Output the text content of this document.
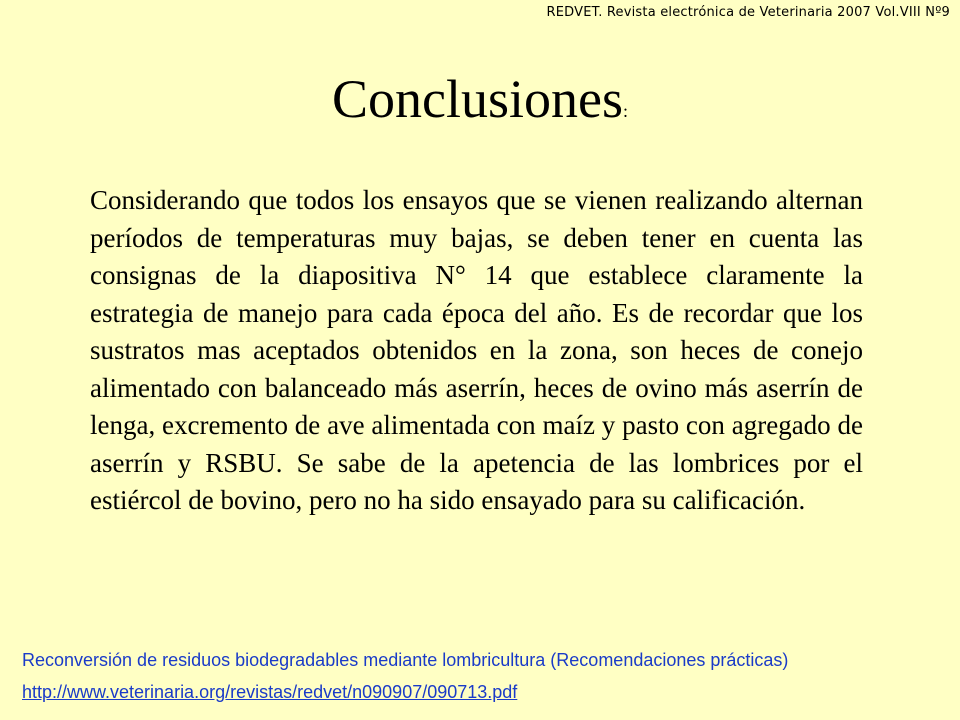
REDVET. Revista electrónica de Veterinaria 2007 Vol.VIII Nº9
Conclusiones:

Considerando que todos los ensayos que se vienen realizando alternan períodos de temperaturas muy bajas, se deben tener en cuenta las consignas de la diapositiva N° 14 que establece claramente la estrategia de manejo para cada época del año. Es de recordar que los sustratos mas aceptados obtenidos en la zona, son heces de conejo alimentado con balanceado más aserrín, heces de ovino más aserrín de lenga, excremento de ave alimentada con maíz y pasto con agregado de aserrín y RSBU. Se sabe de la apetencia de las lombrices por el estiércol de bovino, pero no ha sido ensayado para su calificación.

Reconversión de residuos biodegradables mediante lombricultura (Recomendaciones prácticas)
http://www.veterinaria.org/revistas/redvet/n090907/090713.pdf
